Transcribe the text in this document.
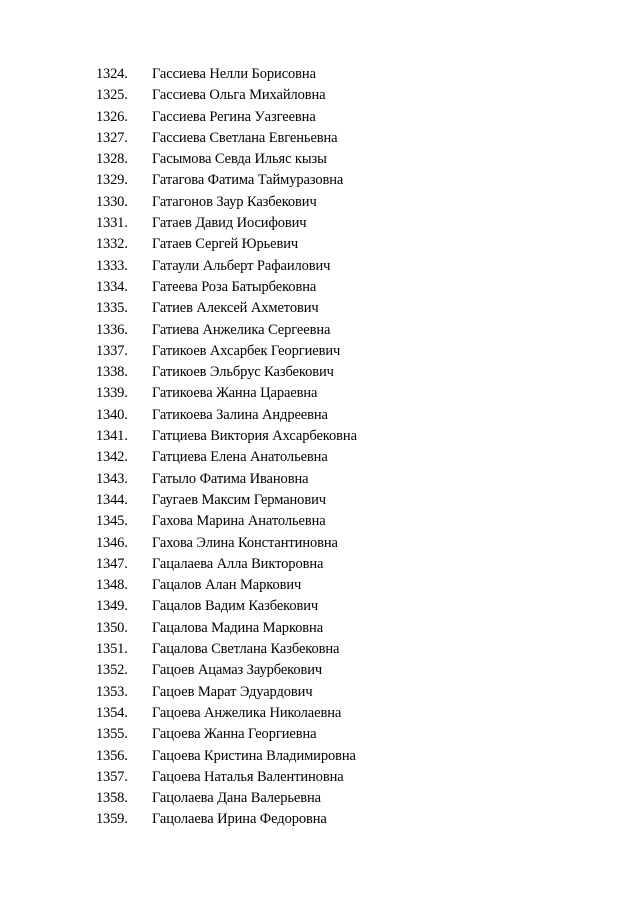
1324.	Гассиева Нелли Борисовна
1325.	Гассиева Ольга Михайловна
1326.	Гассиева Регина Уазгеевна
1327.	Гассиева Светлана Евгеньевна
1328.	Гасымова Севда Ильяс кызы
1329.	Гатагова Фатима Таймуразовна
1330.	Гатагонов Заур Казбекович
1331.	Гатаев Давид Иосифович
1332.	Гатаев Сергей Юрьевич
1333.	Гатаули Альберт Рафаилович
1334.	Гатеева Роза Батырбековна
1335.	Гатиев Алексей Ахметович
1336.	Гатиева Анжелика Сергеевна
1337.	Гатикоев Ахсарбек Георгиевич
1338.	Гатикоев Эльбрус Казбекович
1339.	Гатикоева Жанна Цараевна
1340.	Гатикоева Залина Андреевна
1341.	Гатциева Виктория Ахсарбековна
1342.	Гатциева Елена Анатольевна
1343.	Гатыло Фатима Ивановна
1344.	Гаугаев Максим Германович
1345.	Гахова Марина Анатольевна
1346.	Гахова Элина Константиновна
1347.	Гацалаева Алла Викторовна
1348.	Гацалов Алан Маркович
1349.	Гацалов Вадим Казбекович
1350.	Гацалова Мадина Марковна
1351.	Гацалова Светлана Казбековна
1352.	Гацоев Ацамаз Заурбекович
1353.	Гацоев Марат Эдуардович
1354.	Гацоева Анжелика Николаевна
1355.	Гацоева Жанна Георгиевна
1356.	Гацоева Кристина Владимировна
1357.	Гацоева Наталья Валентиновна
1358.	Гацолаева Дана Валерьевна
1359.	Гацолаева Ирина Федоровна
